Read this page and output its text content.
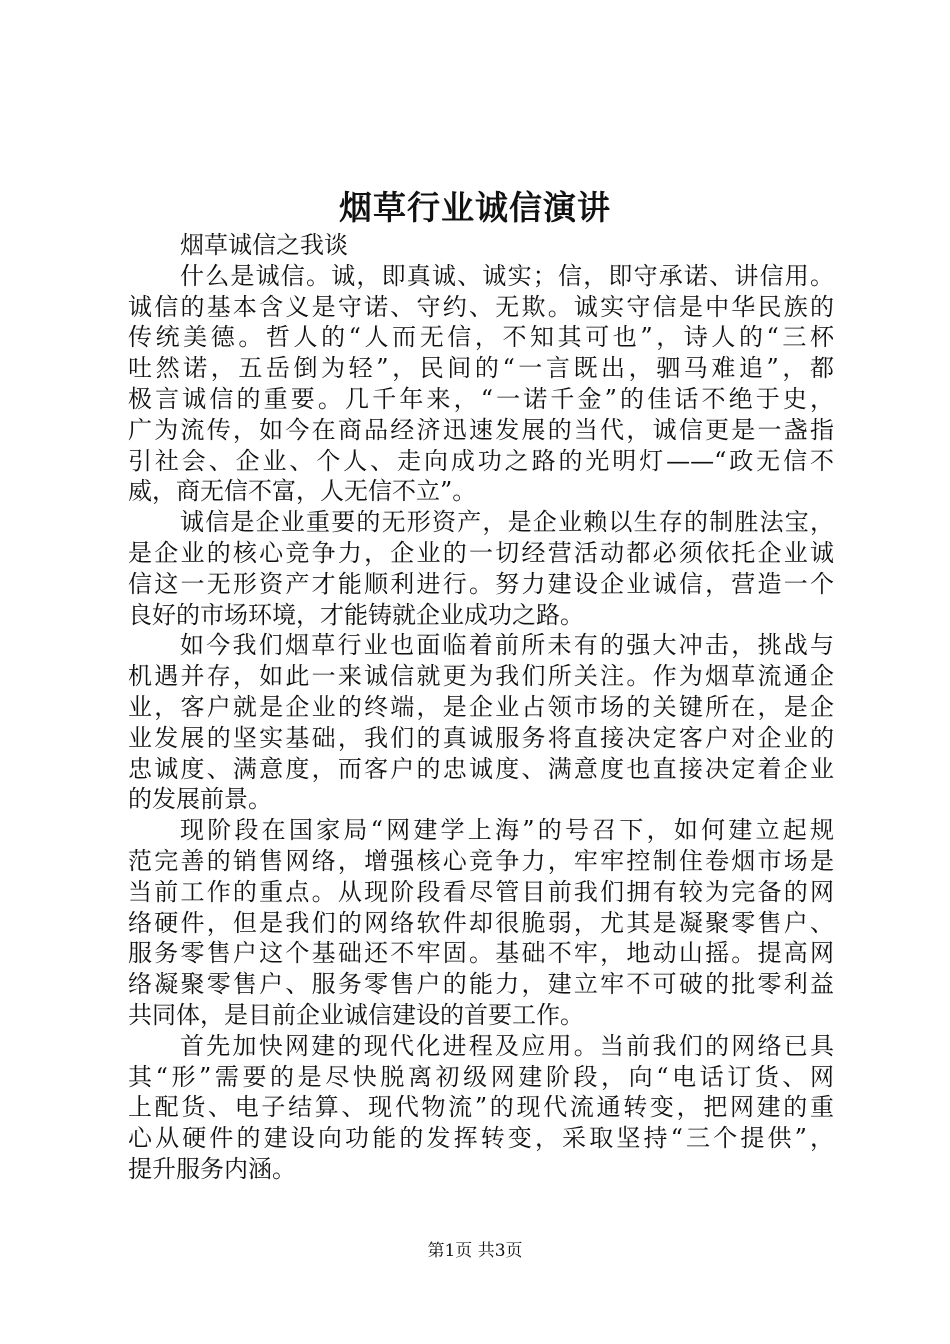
烟草行业诚信演讲
烟草诚信之我谈
什么是诚信。诚，即真诚、诚实；信，即守承诺、讲信用。
诚信的基本含义是守诺、守约、无欺。诚实守信是中华民族的
传统美德。哲人的“人而无信，不知其可也”，诗人的“三杯
吐然诺，五岳倒为轻”，民间的“一言既出，驷马难追”，都
极言诚信的重要。几千年来，“一诺千金”的佳话不绝于史，
广为流传，如今在商品经济迅速发展的当代，诚信更是一盏指
引社会、企业、个人、走向成功之路的光明灯——“政无信不
威，商无信不富，人无信不立”。
诚信是企业重要的无形资产，是企业赖以生存的制胜法宝，
是企业的核心竞争力，企业的一切经营活动都必须依托企业诚
信这一无形资产才能顺利进行。努力建设企业诚信，营造一个
良好的市场环境，才能铸就企业成功之路。
如今我们烟草行业也面临着前所未有的强大冲击，挑战与
机遇并存，如此一来诚信就更为我们所关注。作为烟草流通企
业，客户就是企业的终端，是企业占领市场的关键所在，是企
业发展的坚实基础，我们的真诚服务将直接决定客户对企业的
忠诚度、满意度，而客户的忠诚度、满意度也直接决定着企业
的发展前景。
现阶段在国家局“网建学上海”的号召下，如何建立起规
范完善的销售网络，增强核心竞争力，牢牢控制住卷烟市场是
当前工作的重点。从现阶段看尽管目前我们拥有较为完备的网
络硬件，但是我们的网络软件却很脆弱，尤其是凝聚零售户、
服务零售户这个基础还不牢固。基础不牢，地动山摇。提高网
络凝聚零售户、服务零售户的能力，建立牢不可破的批零利益
共同体，是目前企业诚信建设的首要工作。
首先加快网建的现代化进程及应用。当前我们的网络已具
其“形”需要的是尽快脱离初级网建阶段，向“电话订货、网
上配货、电子结算、现代物流”的现代流通转变，把网建的重
心从硬件的建设向功能的发挥转变，采取坚持“三个提供”，
提升服务内涵。
第1页 共3页
